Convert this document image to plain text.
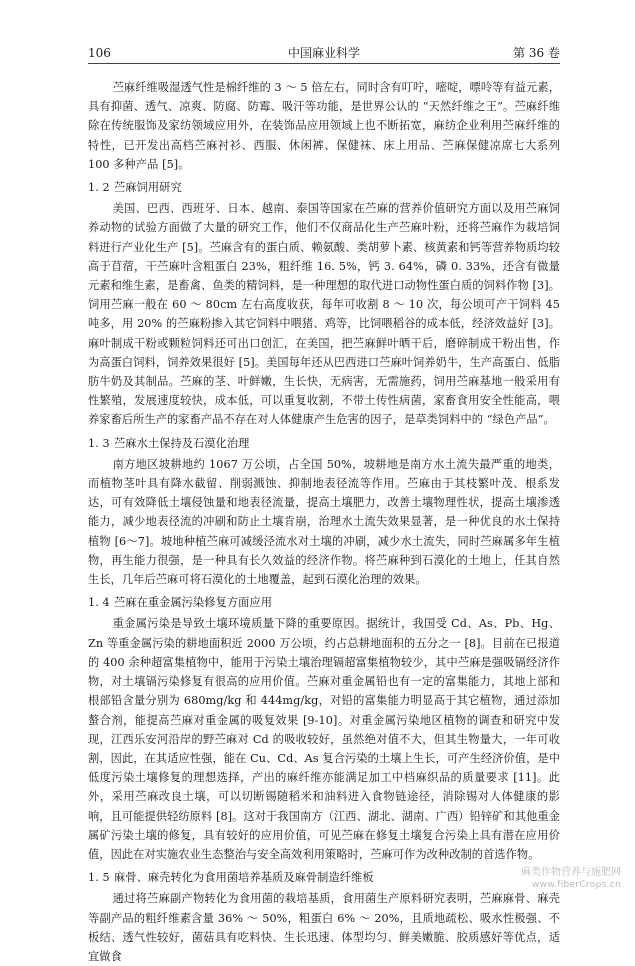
106	中国麻业科学	第 36 卷

苎麻纤维吸湿透气性是棉纤维的 3 ～ 5 倍左右，同时含有叮咛，嘧啶，嘌呤等有益元素，具有抑菌、透气、凉爽、防腐、防霉、吸汗等功能，是世界公认的 “天然纤维之王”。苎麻纤维除在传统服饰及家纺领域应用外，在装饰品应用领域上也不断拓宽，麻纺企业利用苎麻纤维的特性，已开发出高档苎麻衬衫、西服、休闲裤、保健袜、床上用品、苎麻保健凉席七大系列 100 多种产品 [5]。

1. 2 苎麻饲用研究

美国、巴西、西班牙、日本、越南、泰国等国家在苎麻的营养价值研究方面以及用苎麻饲养动物的试验方面做了大量的研究工作，他们不仅商品化生产苎麻叶粉，还将苎麻作为栽培饲料进行产业化生产 [5]。苎麻含有的蛋白质、赖氨酸、类胡萝卜素、核黄素和钙等营养物质均较高于苜蓿，干苎麻叶含粗蛋白 23%，粗纤维 16. 5%，钙 3. 64%，磷 0. 33%，还含有微量元素和维生素，是畜禽、鱼类的精饲料，是一种理想的取代进口动物性蛋白质的饲料作物 [3]。饲用苎麻一般在 60 ～ 80cm 左右高度收获，每年可收割 8 ～ 10 次，每公顷可产干饲料 45 吨多，用 20% 的苎麻粉掺入其它饲料中喂猪、鸡等，比饲喂稻谷的成本低，经济效益好 [3]。麻叶制成干粉或颗粒饲料还可出口创汇，在美国，把苎麻鲜叶晒干后，磨碎制成干粉出售，作为高蛋白饲料，饲养效果很好 [5]。美国每年还从巴西进口苎麻叶饲养奶牛，生产高蛋白、低脂肪牛奶及其制品。苎麻的茎、叶鲜嫩，生长快，无病害，无需施药，饲用苎麻基地一般采用有性繁殖，发展速度较快，成本低，可以重复收割，不带土传性病菌，家畜食用安全性能高，喂养家畜后所生产的家畜产品不存在对人体健康产生危害的因子，是草类饲料中的 “绿色产品”。

1. 3 苎麻水土保持及石漠化治理

南方地区坡耕地约 1067 万公顷，占全国 50%，坡耕地是南方水土流失最严重的地类，而植物茎叶具有降水截留、削弱溅蚀、抑制地表径流等作用。苎麻由于其枝繁叶茂、根系发达，可有效降低土壤侵蚀量和地表径流量，提高土壤肥力，改善土壤物理性状，提高土壤渗透能力，减少地表径流的冲刷和防止土壤肯崩，治理水土流失效果显著，是一种优良的水土保持植物 [6～7]。坡地种植苎麻可减缓泾流水对土壤的冲刷，减少水土流失，同时苎麻属多年生植物，再生能力很强，是一种具有长久效益的经济作物。将苎麻种到石漠化的土地上，任其自然生长，几年后苎麻可将石漠化的土地覆盖，起到石漠化治理的效果。

1. 4 苎麻在重金属污染修复方面应用

重金属污染是导致土壤环境质量下降的重要原因。据统计，我国受 Cd、As、Pb、Hg、Zn 等重金属污染的耕地面积近 2000 万公顷，约占总耕地面积的五分之一 [8]。目前在已报道的 400 余种超富集植物中，能用于污染土壤治理镉超富集植物较少，其中苎麻是强吸镉经济作物，对土壤镉污染修复有很高的应用价值。苎麻对重金属铅也有一定的富集能力，其地上部和根部铅含量分别为 680mg/kg 和 444mg/kg，对铅的富集能力明显高于其它植物，通过添加螯合剂，能提高苎麻对重金属的吸复效果 [9-10]。对重金属污染地区植物的调查和研究中发现，江西乐安河沿岸的野苎麻对 Cd 的吸收较好，虽然绝对值不大，但其生物量大，一年可收割，因此，在其适应性强，能在 Cu、Cd、As 复合污染的土壤上生长，可产生经济价值，是中低度污染土壤修复的理想选择，产出的麻纤维亦能满足加工中档麻织品的质量要求 [11]。此外，采用苎麻改良土壤，可以切断锡随稻米和油料进入食物链途径，消除锡对人体健康的影响，且可能提供轻纺原料 [8]。这对于我国南方（江西、湖北、湖南、广西）铅锌矿和其他重金属矿污染土壤的修复，具有较好的应用价值，可见苎麻在修复土壤复合污染上具有潜在应用价值，因此在对实施农业生态整治与安全高效利用策略时，苎麻可作为改种改制的首选作物。

1. 5 麻骨、麻壳转化为食用菌培养基质及麻骨制造纤维板

通过将苎麻副产物转化为食用菌的栽培基质，食用菌生产原料研究表明，苎麻麻骨、麻壳等副产品的粗纤维素含量 36% ～ 50%，粗蛋白 6% ～ 20%，且质地疏松、吸水性极强、不板结、透气性较好，菌菇具有吃料快、生长迅速、体型均匀、鲜美嫩脆、胶质感好等优点，适宜做食

麻类作物营养与施肥网
www.fiberCrops.cn
